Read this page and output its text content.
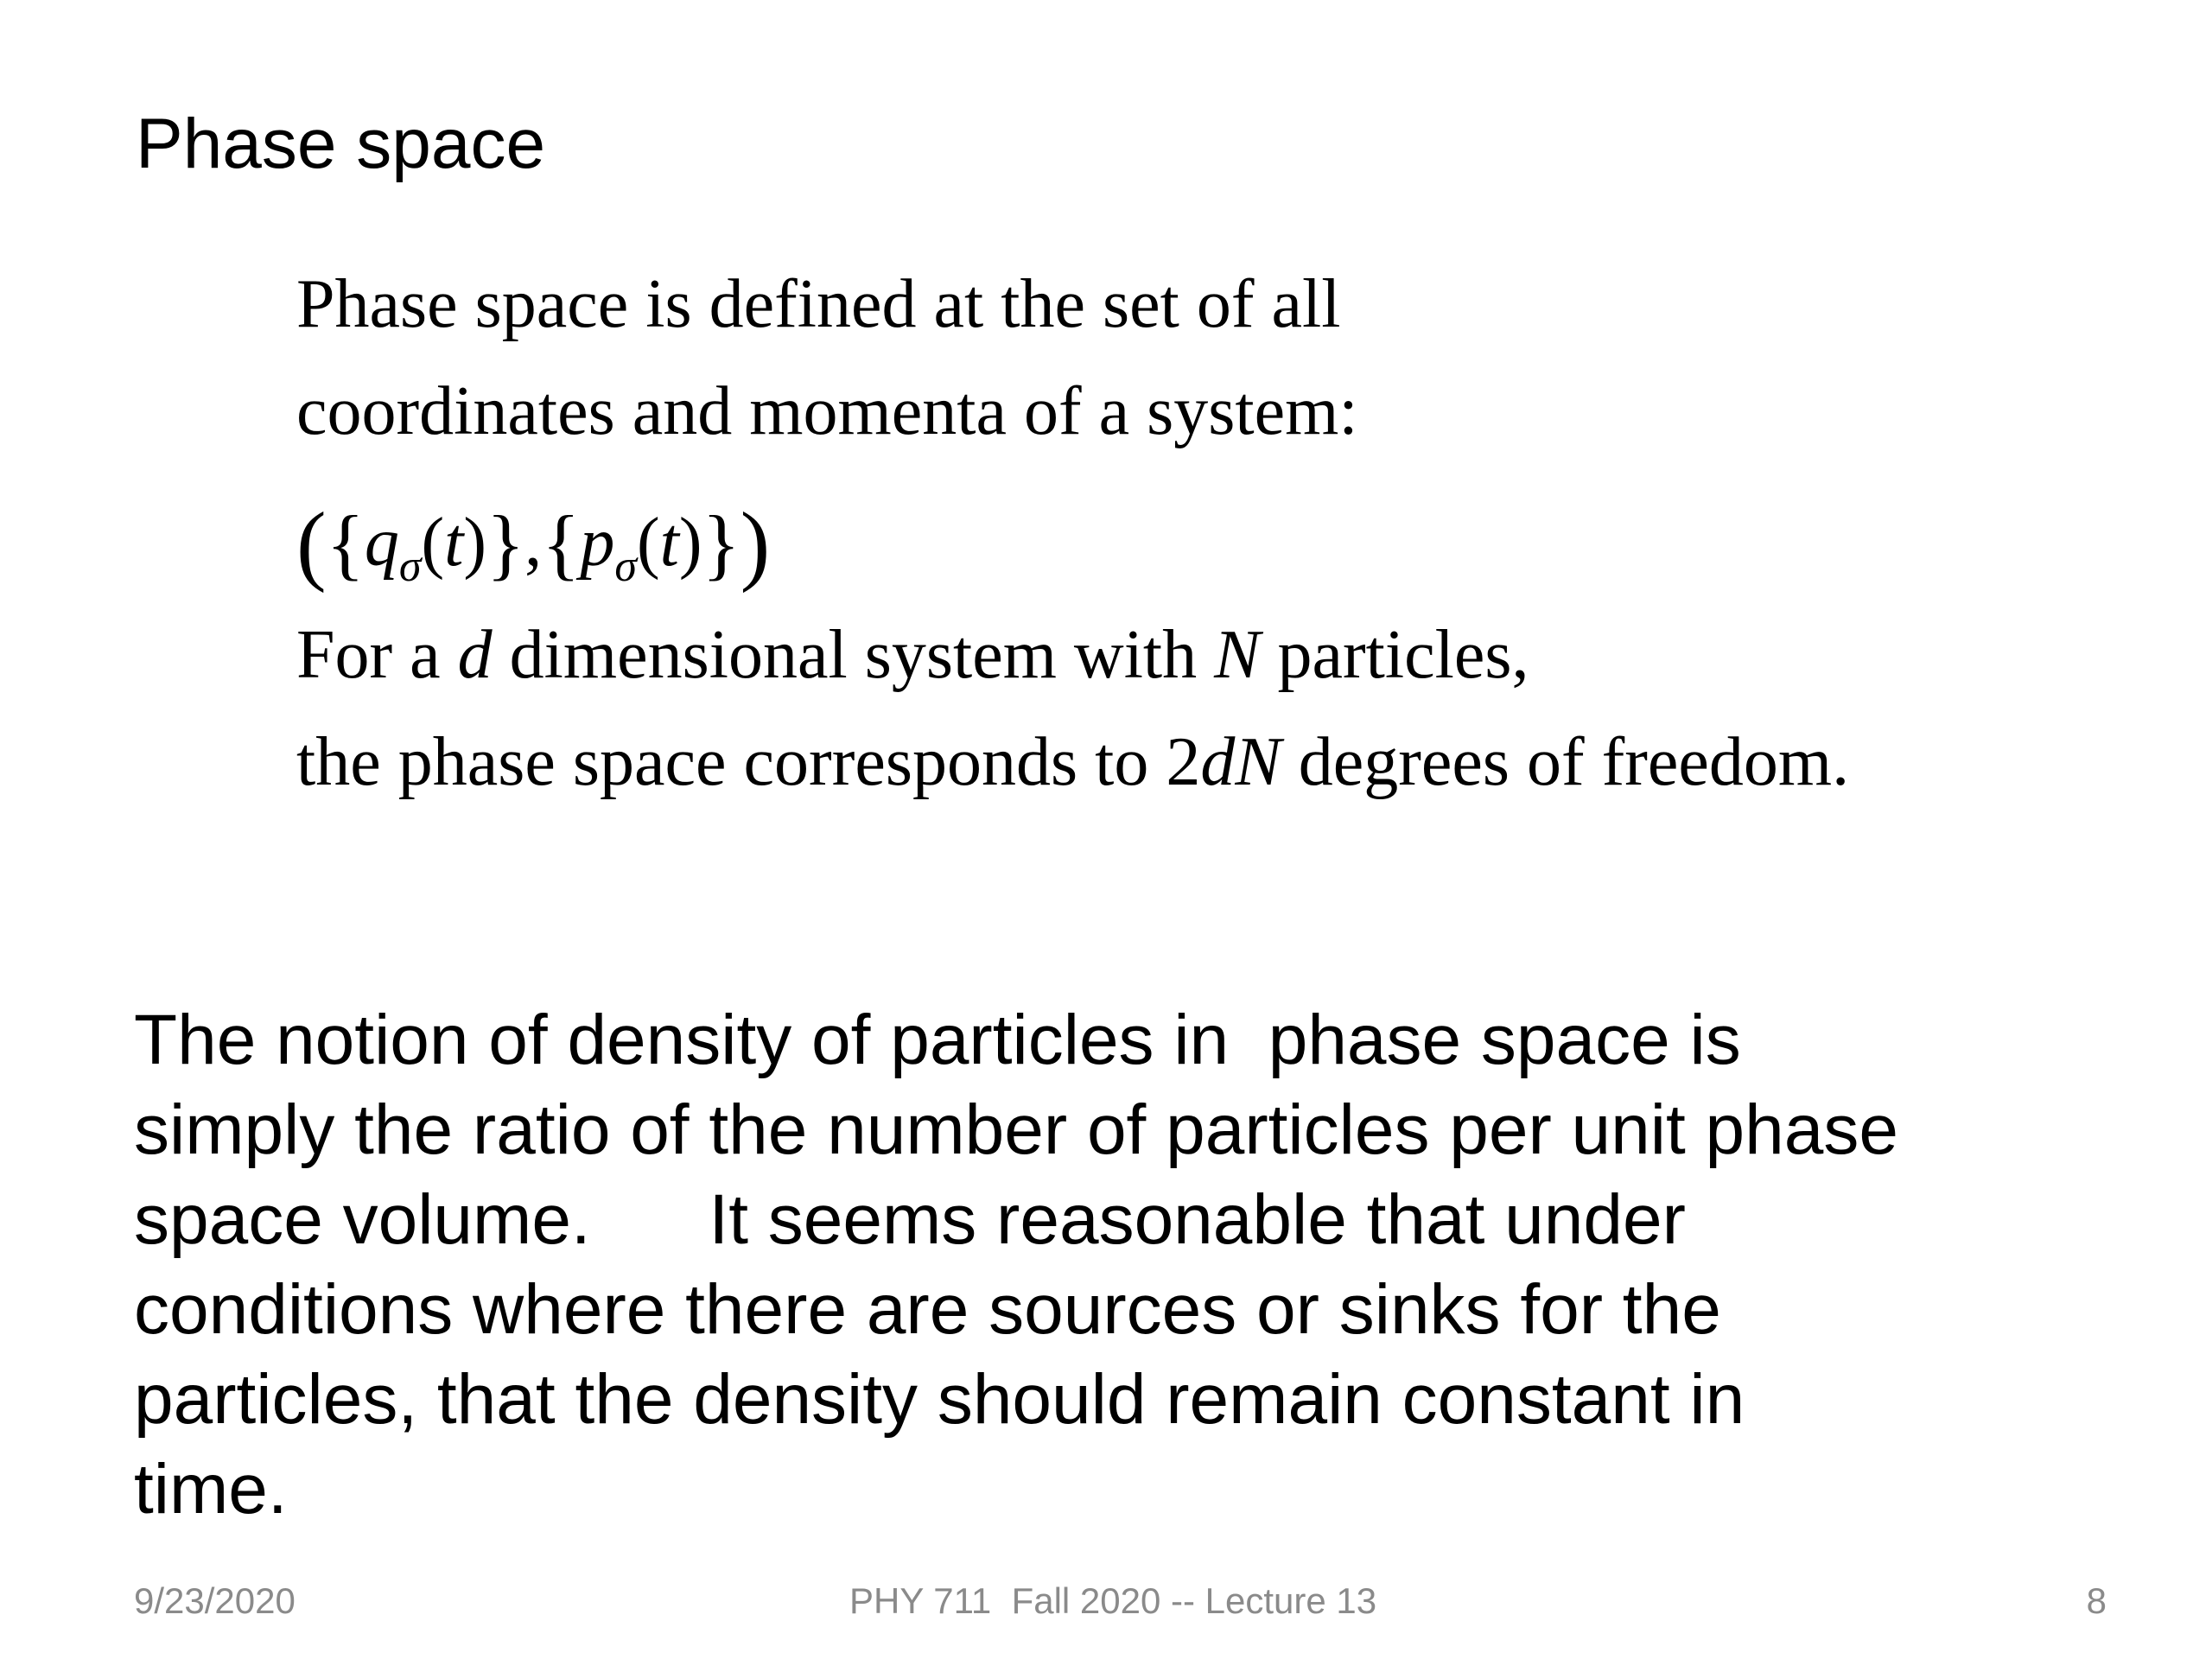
Phase space
Phase space is defined at the set of all
coordinates and momenta of a system:
$(\{q_\sigma(t)\},\{p_\sigma(t)\})$
For a d dimensional system with N particles,
the phase space corresponds to 2dN degrees of freedom.
The notion of density of particles in  phase space is
simply the ratio of the number of particles per unit phase
space volume.      It seems reasonable that under
conditions where there are sources or sinks for the
particles, that the density should remain constant in
time.
9/23/2020	PHY 711  Fall 2020 -- Lecture 13	8
